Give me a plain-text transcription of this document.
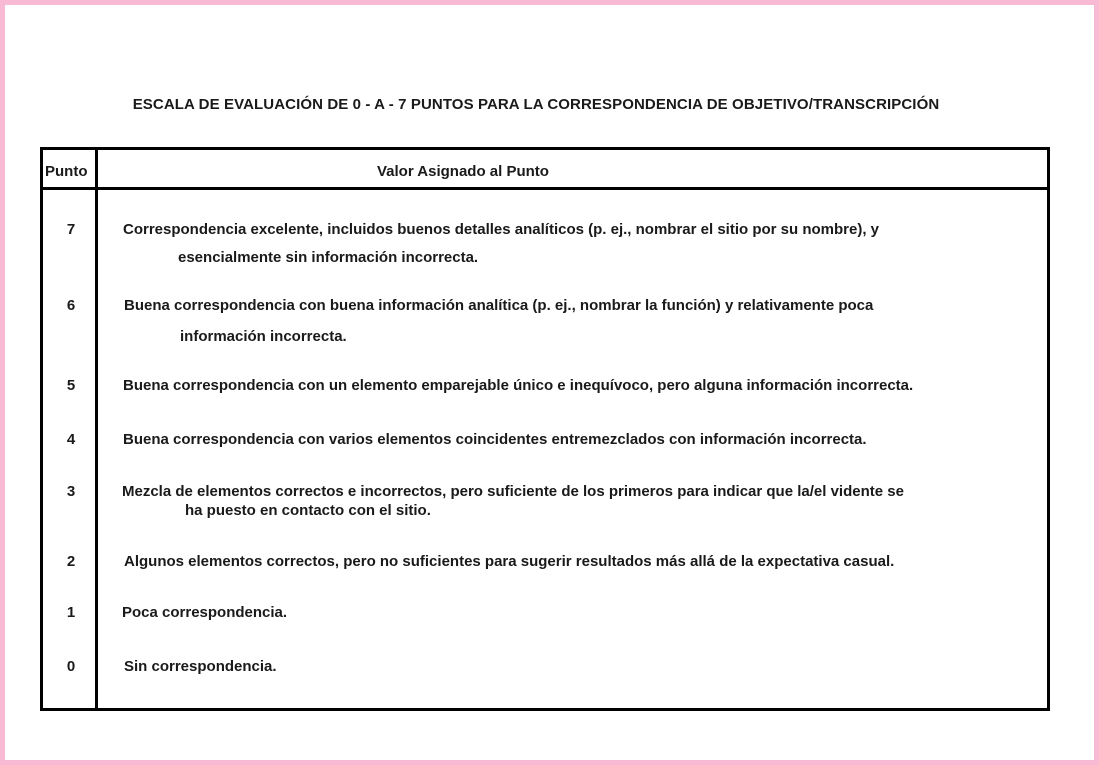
ESCALA DE EVALUACIÓN DE 0 - A - 7 PUNTOS PARA LA CORRESPONDENCIA DE OBJETIVO/TRANSCRIPCIÓN
Punto	Valor Asignado al Punto
7	Correspondencia excelente, incluidos buenos detalles analíticos (p. ej., nombrar el sitio por su nombre), y
esencialmente sin información incorrecta.
6	Buena correspondencia con buena información analítica (p. ej., nombrar la función) y relativamente poca
información incorrecta.
5	Buena correspondencia con un elemento emparejable único e inequívoco, pero alguna información incorrecta.
4	Buena correspondencia con varios elementos coincidentes entremezclados con información incorrecta.
3	Mezcla de elementos correctos e incorrectos, pero suficiente de los primeros para indicar que la/el vidente se
ha puesto en contacto con el sitio.
2	Algunos elementos correctos, pero no suficientes para sugerir resultados más allá de la expectativa casual.
1	Poca correspondencia.
0	Sin correspondencia.
